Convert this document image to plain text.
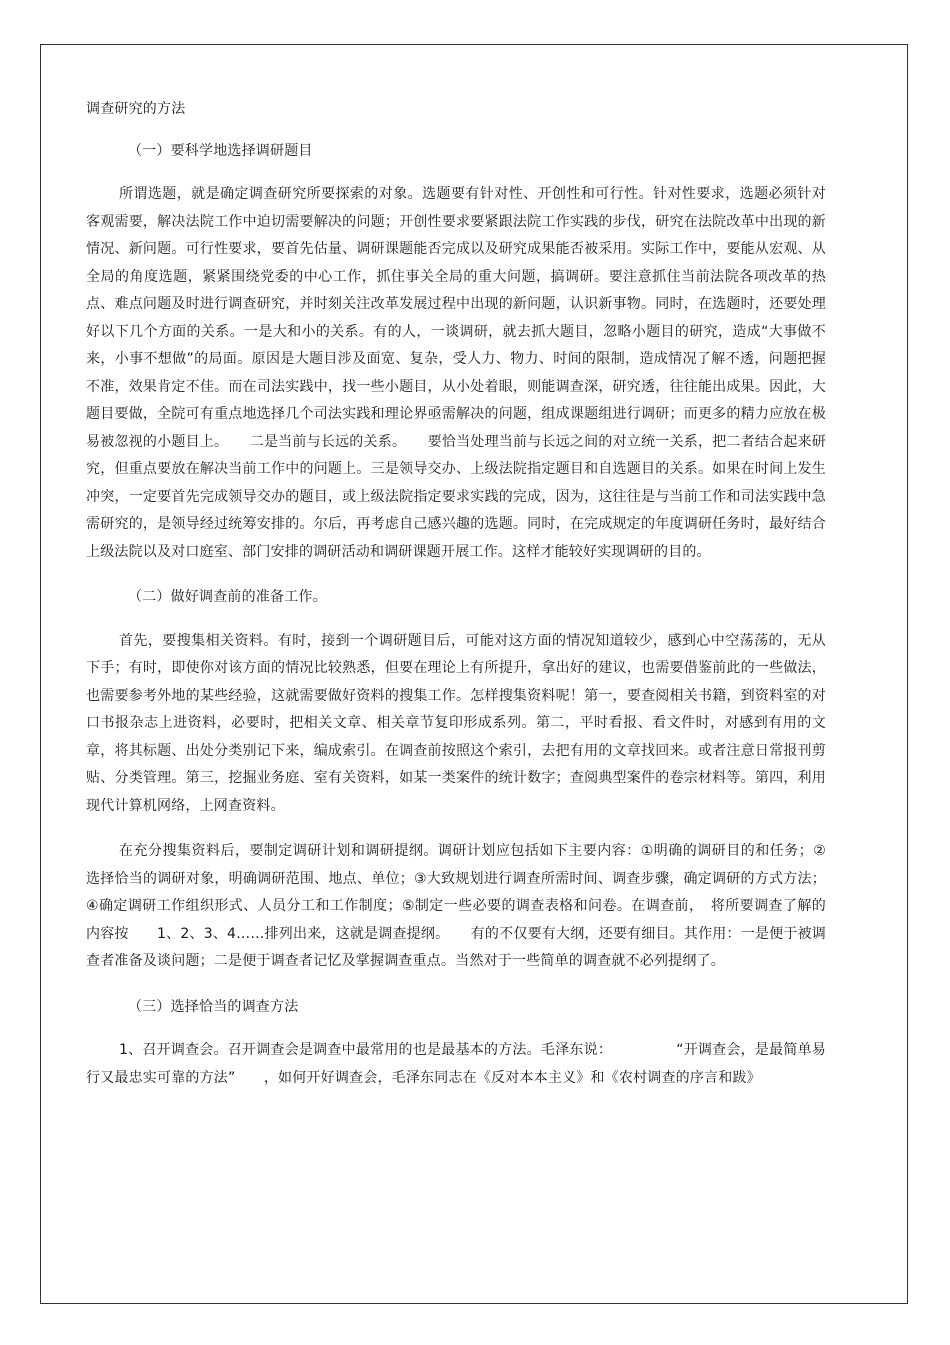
调查研究的方法
（一）要科学地选择调研题目

所谓选题，就是确定调查研究所要探索的对象。选题要有针对性、开创性和可行性。针对性要求，选题必须针对客观需要，解决法院工作中迫切需要解决的问题；开创性要求要紧跟法院工作实践的步伐，研究在法院改革中出现的新情况、新问题。可行性要求，要首先估量、调研课题能否完成以及研究成果能否被采用。实际工作中，要能从宏观、从全局的角度选题，紧紧围绕党委的中心工作，抓住事关全局的重大问题，搞调研。要注意抓住当前法院各项改革的热点、难点问题及时进行调查研究，并时刻关注改革发展过程中出现的新问题，认识新事物。同时，在选题时，还要处理好以下几个方面的关系。一是大和小的关系。有的人，一谈调研，就去抓大题目，忽略小题目的研究，造成“大事做不来，小事不想做”的局面。原因是大题目涉及面宽、复杂，受人力、物力、时间的限制，造成情况了解不透，问题把握不准，效果肯定不佳。而在司法实践中，找一些小题目，从小处着眼，则能调查深，研究透，往往能出成果。因此，大题目要做，全院可有重点地选择几个司法实践和理论界亟需解决的问题，组成课题组进行调研；而更多的精力应放在极易被忽视的小题目上。　　二是当前与长远的关系。　　要恰当处理当前与长远之间的对立统一关系，把二者结合起来研究，但重点要放在解决当前工作中的问题上。三是领导交办、上级法院指定题目和自选题目的关系。如果在时间上发生冲突，一定要首先完成领导交办的题目，或上级法院指定要求实践的完成，因为，这往往是与当前工作和司法实践中急需研究的，是领导经过统筹安排的。尔后，再考虑自己感兴趣的选题。同时，在完成规定的年度调研任务时，最好结合上级法院以及对口庭室、部门安排的调研活动和调研课题开展工作。这样才能较好实现调研的目的。

（二）做好调查前的准备工作。

首先，要搜集相关资料。有时，接到一个调研题目后，可能对这方面的情况知道较少，感到心中空荡荡的，无从下手；有时，即使你对该方面的情况比较熟悉，但要在理论上有所提升，拿出好的建议，也需要借鉴前此的一些做法，也需要参考外地的某些经验，这就需要做好资料的搜集工作。怎样搜集资料呢！第一，要查阅相关书籍，到资料室的对口书报杂志上进资料，必要时，把相关文章、相关章节复印形成系列。第二，平时看报、看文件时，对感到有用的文章，将其标题、出处分类别记下来，编成索引。在调查前按照这个索引，去把有用的文章找回来。或者注意日常报刊剪贴、分类管理。第三，挖掘业务庭、室有关资料，如某一类案件的统计数字；查阅典型案件的卷宗材料等。第四，利用现代计算机网络，上网查资料。

在充分搜集资料后，要制定调研计划和调研提纲。调研计划应包括如下主要内容：①明确的调研目的和任务；②选择恰当的调研对象，明确调研范围、地点、单位；③大致规划进行调查所需时间、调查步骤，确定调研的方式方法；④确定调研工作组织形式、人员分工和工作制度；⑤制定一些必要的调查表格和问卷。在调查前，　将所要调查了解的内容按　　1、2、3、4……排列出来，这就是调查提纲。　　有的不仅要有大纲，还要有细目。其作用：一是便于被调查者准备及谈问题；二是便于调查者记忆及掌握调查重点。当然对于一些简单的调查就不必列提纲了。

（三）选择恰当的调查方法

1、召开调查会。召开调查会是调查中最常用的也是最基本的方法。毛泽东说：　　　　　“开调查会，是最简单易行又最忠实可靠的方法”　　，如何开好调查会，毛泽东同志在《反对本本主义》和《农村调查的序言和跋》
